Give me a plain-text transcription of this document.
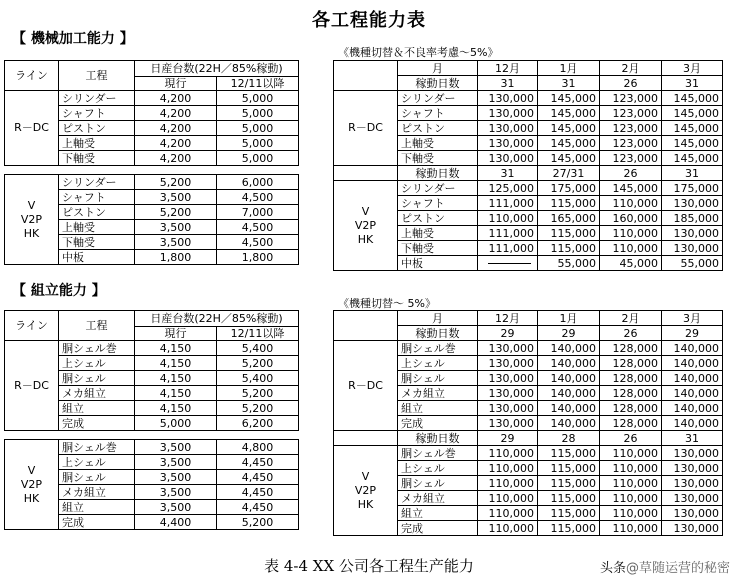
各工程能力表
【 機械加工能力 】
《機種切替＆不良率考慮～5%》
ライン	工程	日産台数(22H／85%稼動)	
		現行	12/11以降

R－DC	シリンダー	4,200	5,000
	シャフト	4,200	5,000
	ピストン	4,200	5,000
	上軸受	4,200	5,000
	下軸受	4,200	5,000

V
V2P
HK	シリンダー	5,200	6,000
	シャフト	3,500	4,500
	ピストン	5,200	7,000
	上軸受	3,500	4,500
	下軸受	3,500	4,500
	中板	1,800	1,800
	月	12月	1月	2月	3月
	稼動日数	31	31	26	31

R－DC	シリンダー	130,000	145,000	123,000	145,000
	シャフト	130,000	145,000	123,000	145,000
	ピストン	130,000	145,000	123,000	145,000
	上軸受	130,000	145,000	123,000	145,000
	下軸受	130,000	145,000	123,000	145,000
	稼動日数	31	27/31	26	31

V
V2P
HK	シリンダー	125,000	175,000	145,000	175,000
	シャフト	111,000	115,000	110,000	130,000
	ピストン	110,000	165,000	160,000	185,000
	上軸受	111,000	115,000	110,000	130,000
	下軸受	111,000	115,000	110,000	130,000
	中板		55,000	45,000	55,000
【 組立能力 】
《機種切替～ 5%》
ライン	工程	日産台数(22H／85%稼動)	
		現行	12/11以降

R－DC	胴シェル巻	4,150	5,400
	上シェル	4,150	5,200
	胴シェル	4,150	5,400
	メカ組立	4,150	5,200
	組立	4,150	5,200
	完成	5,000	6,200

V
V2P
HK	胴シェル巻	3,500	4,800
	上シェル	3,500	4,450
	胴シェル	3,500	4,450
	メカ組立	3,500	4,450
	組立	3,500	4,450
	完成	4,400	5,200
	月	12月	1月	2月	3月
	稼動日数	29	29	26	29

R－DC	胴シェル巻	130,000	140,000	128,000	140,000
	上シェル	130,000	140,000	128,000	140,000
	胴シェル	130,000	140,000	128,000	140,000
	メカ組立	130,000	140,000	128,000	140,000
	組立	130,000	140,000	128,000	140,000
	完成	130,000	140,000	128,000	140,000
	稼動日数	29	28	26	31

V
V2P
HK	胴シェル巻	110,000	115,000	110,000	130,000
	上シェル	110,000	115,000	110,000	130,000
	胴シェル	110,000	115,000	110,000	130,000
	メカ組立	110,000	115,000	110,000	130,000
	組立	110,000	115,000	110,000	130,000
	完成	110,000	115,000	110,000	130,000
表 4-4 XX 公司各工程生产能力	头条@草随运营的秘密
